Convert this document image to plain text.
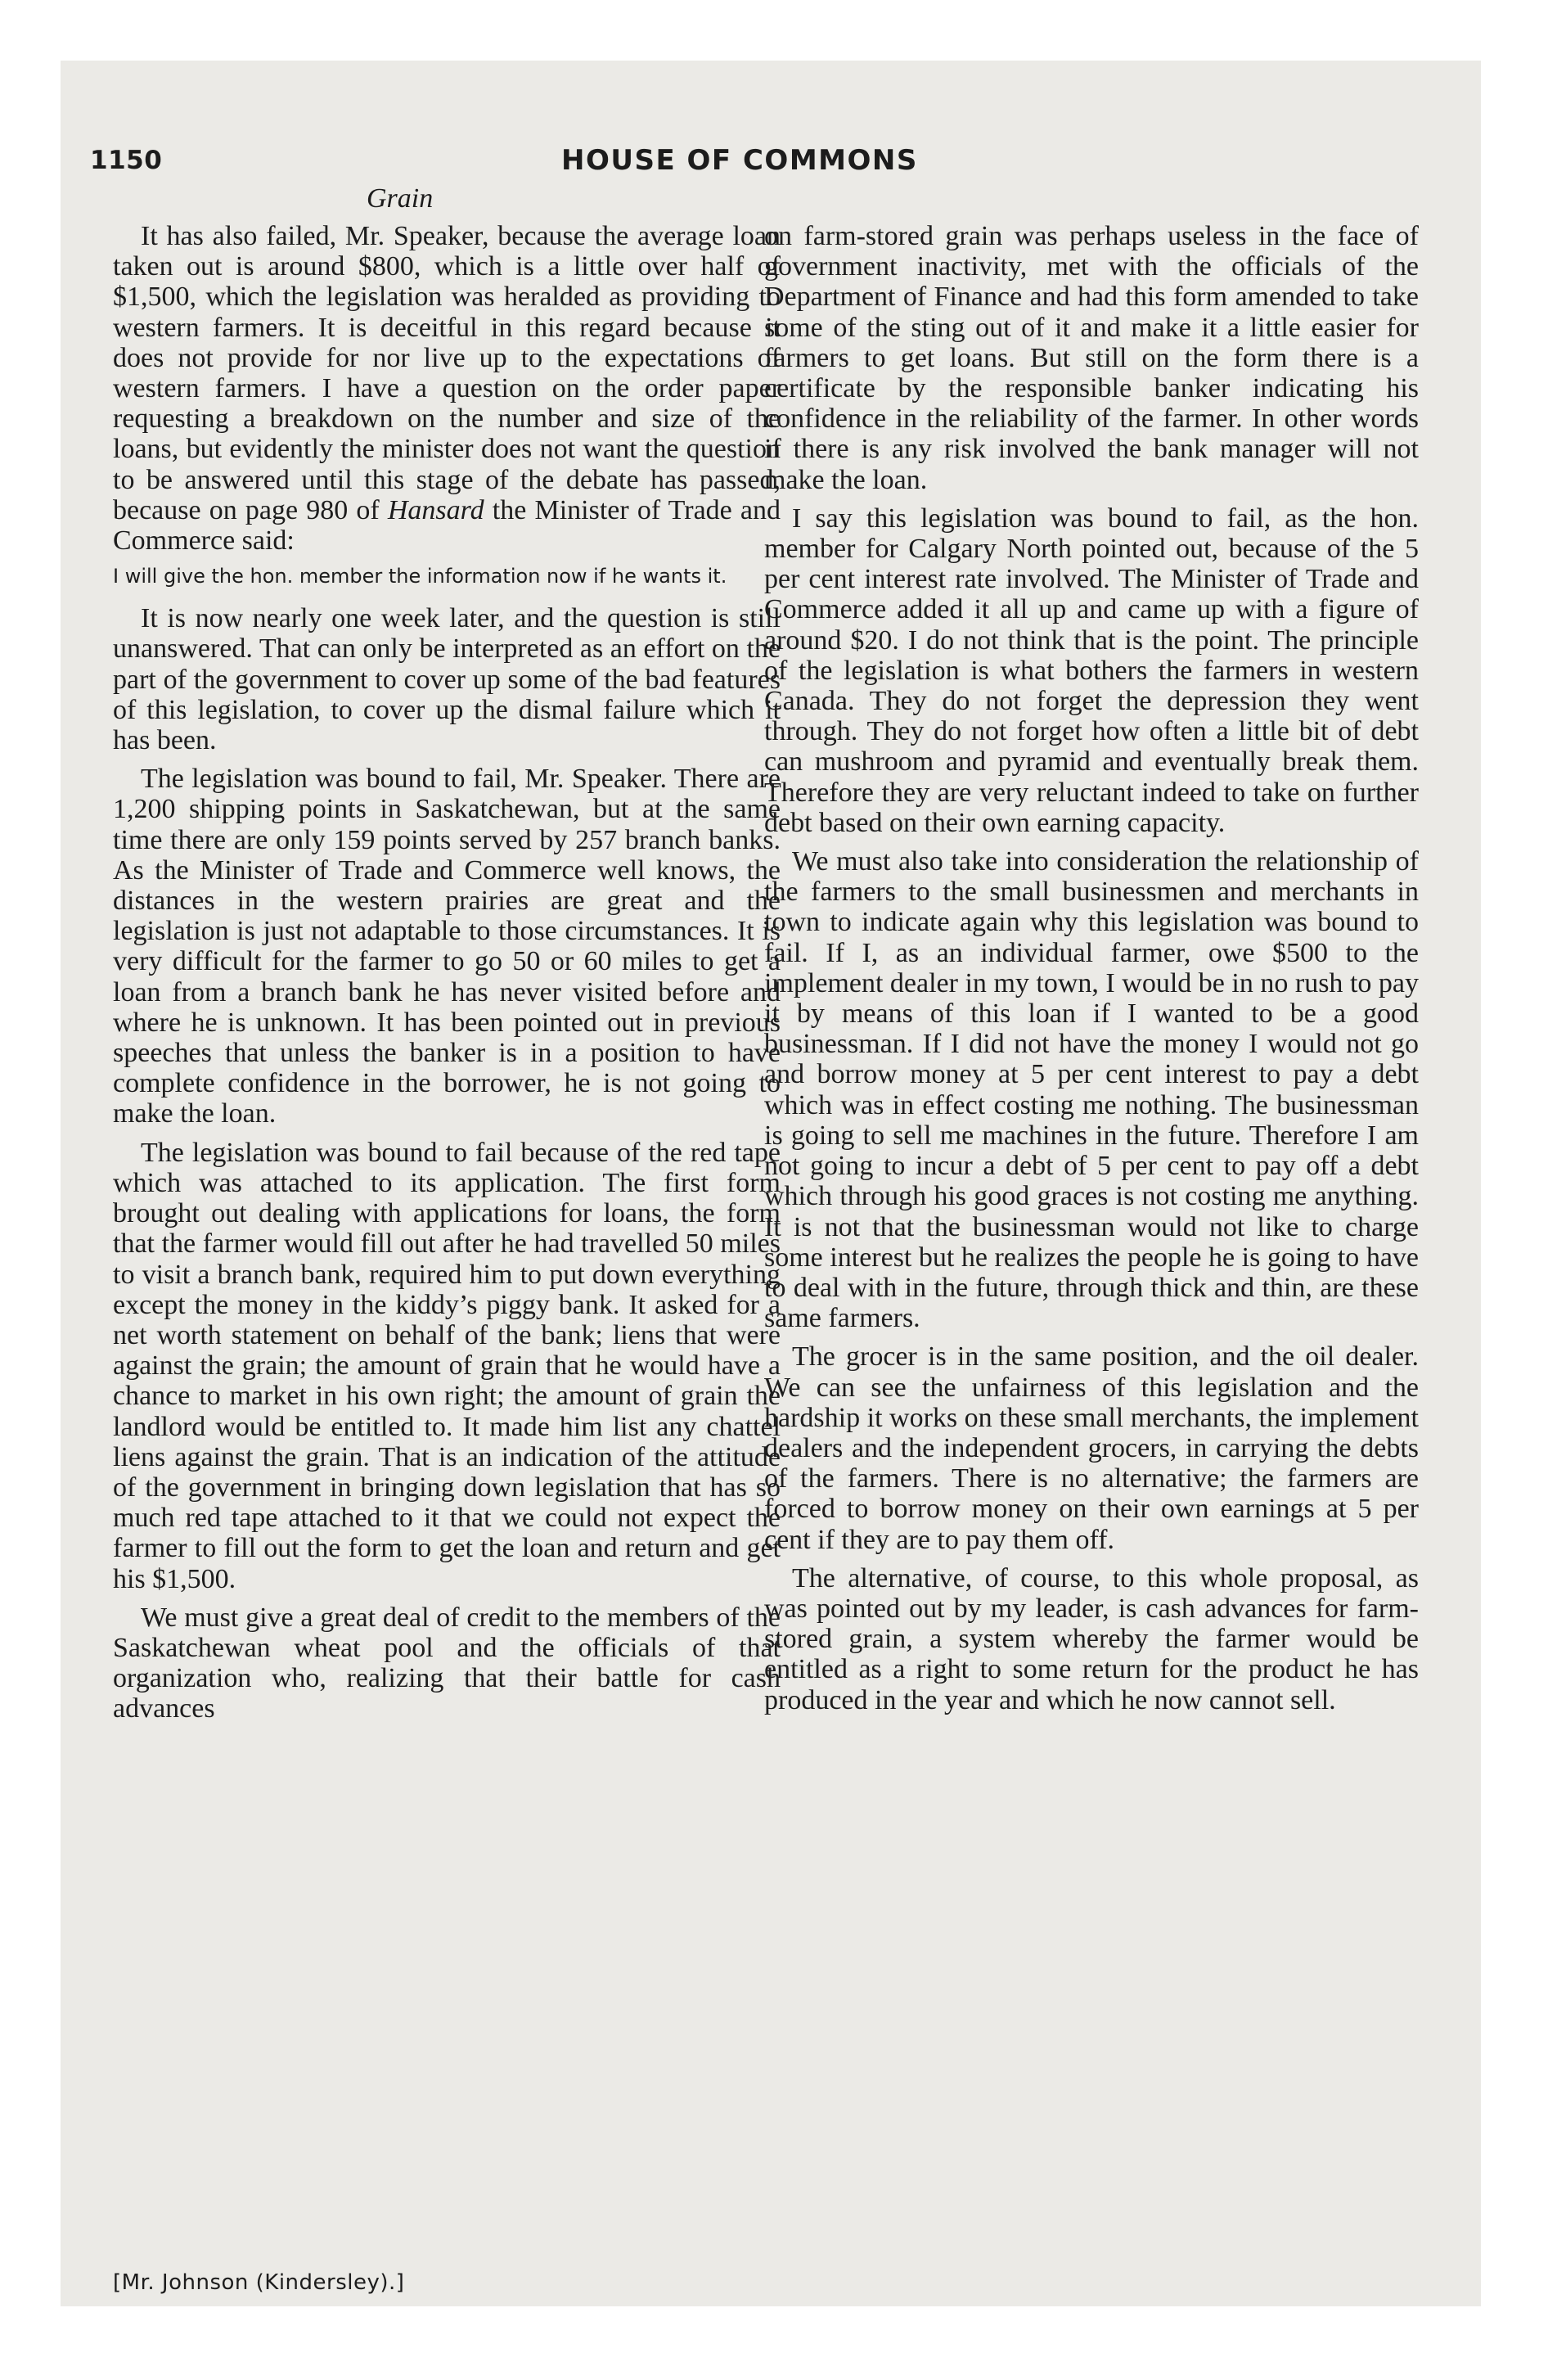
1150	HOUSE OF COMMONS
Grain

It has also failed, Mr. Speaker, because the average loan taken out is around $800, which is a little over half of $1,500, which the legislation was heralded as providing to western farmers. It is deceitful in this regard because it does not provide for nor live up to the expectations of western farmers. I have a question on the order paper requesting a breakdown on the number and size of the loans, but evidently the minister does not want the question to be answered until this stage of the debate has passed, because on page 980 of Hansard the Minister of Trade and Commerce said:

I will give the hon. member the information now if he wants it.

It is now nearly one week later, and the question is still unanswered. That can only be interpreted as an effort on the part of the government to cover up some of the bad features of this legislation, to cover up the dismal failure which it has been.

The legislation was bound to fail, Mr. Speaker. There are 1,200 shipping points in Saskatchewan, but at the same time there are only 159 points served by 257 branch banks. As the Minister of Trade and Commerce well knows, the distances in the western prairies are great and the legislation is just not adaptable to those circumstances. It is very difficult for the farmer to go 50 or 60 miles to get a loan from a branch bank he has never visited before and where he is unknown. It has been pointed out in previous speeches that unless the banker is in a position to have complete confidence in the borrower, he is not going to make the loan.

The legislation was bound to fail because of the red tape which was attached to its application. The first form brought out dealing with applications for loans, the form that the farmer would fill out after he had travelled 50 miles to visit a branch bank, required him to put down everything except the money in the kiddy’s piggy bank. It asked for a net worth statement on behalf of the bank; liens that were against the grain; the amount of grain that he would have a chance to market in his own right; the amount of grain the landlord would be entitled to. It made him list any chattel liens against the grain. That is an indication of the attitude of the government in bringing down legislation that has so much red tape attached to it that we could not expect the farmer to fill out the form to get the loan and return and get his $1,500.

We must give a great deal of credit to the members of the Saskatchewan wheat pool and the officials of that organization who, realizing that their battle for cash advances

on farm-stored grain was perhaps useless in the face of government inactivity, met with the officials of the Department of Finance and had this form amended to take some of the sting out of it and make it a little easier for farmers to get loans. But still on the form there is a certificate by the responsible banker indicating his confidence in the reliability of the farmer. In other words if there is any risk involved the bank manager will not make the loan.

I say this legislation was bound to fail, as the hon. member for Calgary North pointed out, because of the 5 per cent interest rate involved. The Minister of Trade and Commerce added it all up and came up with a figure of around $20. I do not think that is the point. The principle of the legislation is what bothers the farmers in western Canada. They do not forget the depression they went through. They do not forget how often a little bit of debt can mushroom and pyramid and eventually break them. Therefore they are very reluctant indeed to take on further debt based on their own earning capacity.

We must also take into consideration the relationship of the farmers to the small businessmen and merchants in town to indicate again why this legislation was bound to fail. If I, as an individual farmer, owe $500 to the implement dealer in my town, I would be in no rush to pay it by means of this loan if I wanted to be a good businessman. If I did not have the money I would not go and borrow money at 5 per cent interest to pay a debt which was in effect costing me nothing. The businessman is going to sell me machines in the future. Therefore I am not going to incur a debt of 5 per cent to pay off a debt which through his good graces is not costing me anything. It is not that the businessman would not like to charge some interest but he realizes the people he is going to have to deal with in the future, through thick and thin, are these same farmers.

The grocer is in the same position, and the oil dealer. We can see the unfairness of this legislation and the hardship it works on these small merchants, the implement dealers and the independent grocers, in carrying the debts of the farmers. There is no alternative; the farmers are forced to borrow money on their own earnings at 5 per cent if they are to pay them off.

The alternative, of course, to this whole proposal, as was pointed out by my leader, is cash advances for farm-stored grain, a system whereby the farmer would be entitled as a right to some return for the product he has produced in the year and which he now cannot sell.

[Mr. Johnson (Kindersley).]
